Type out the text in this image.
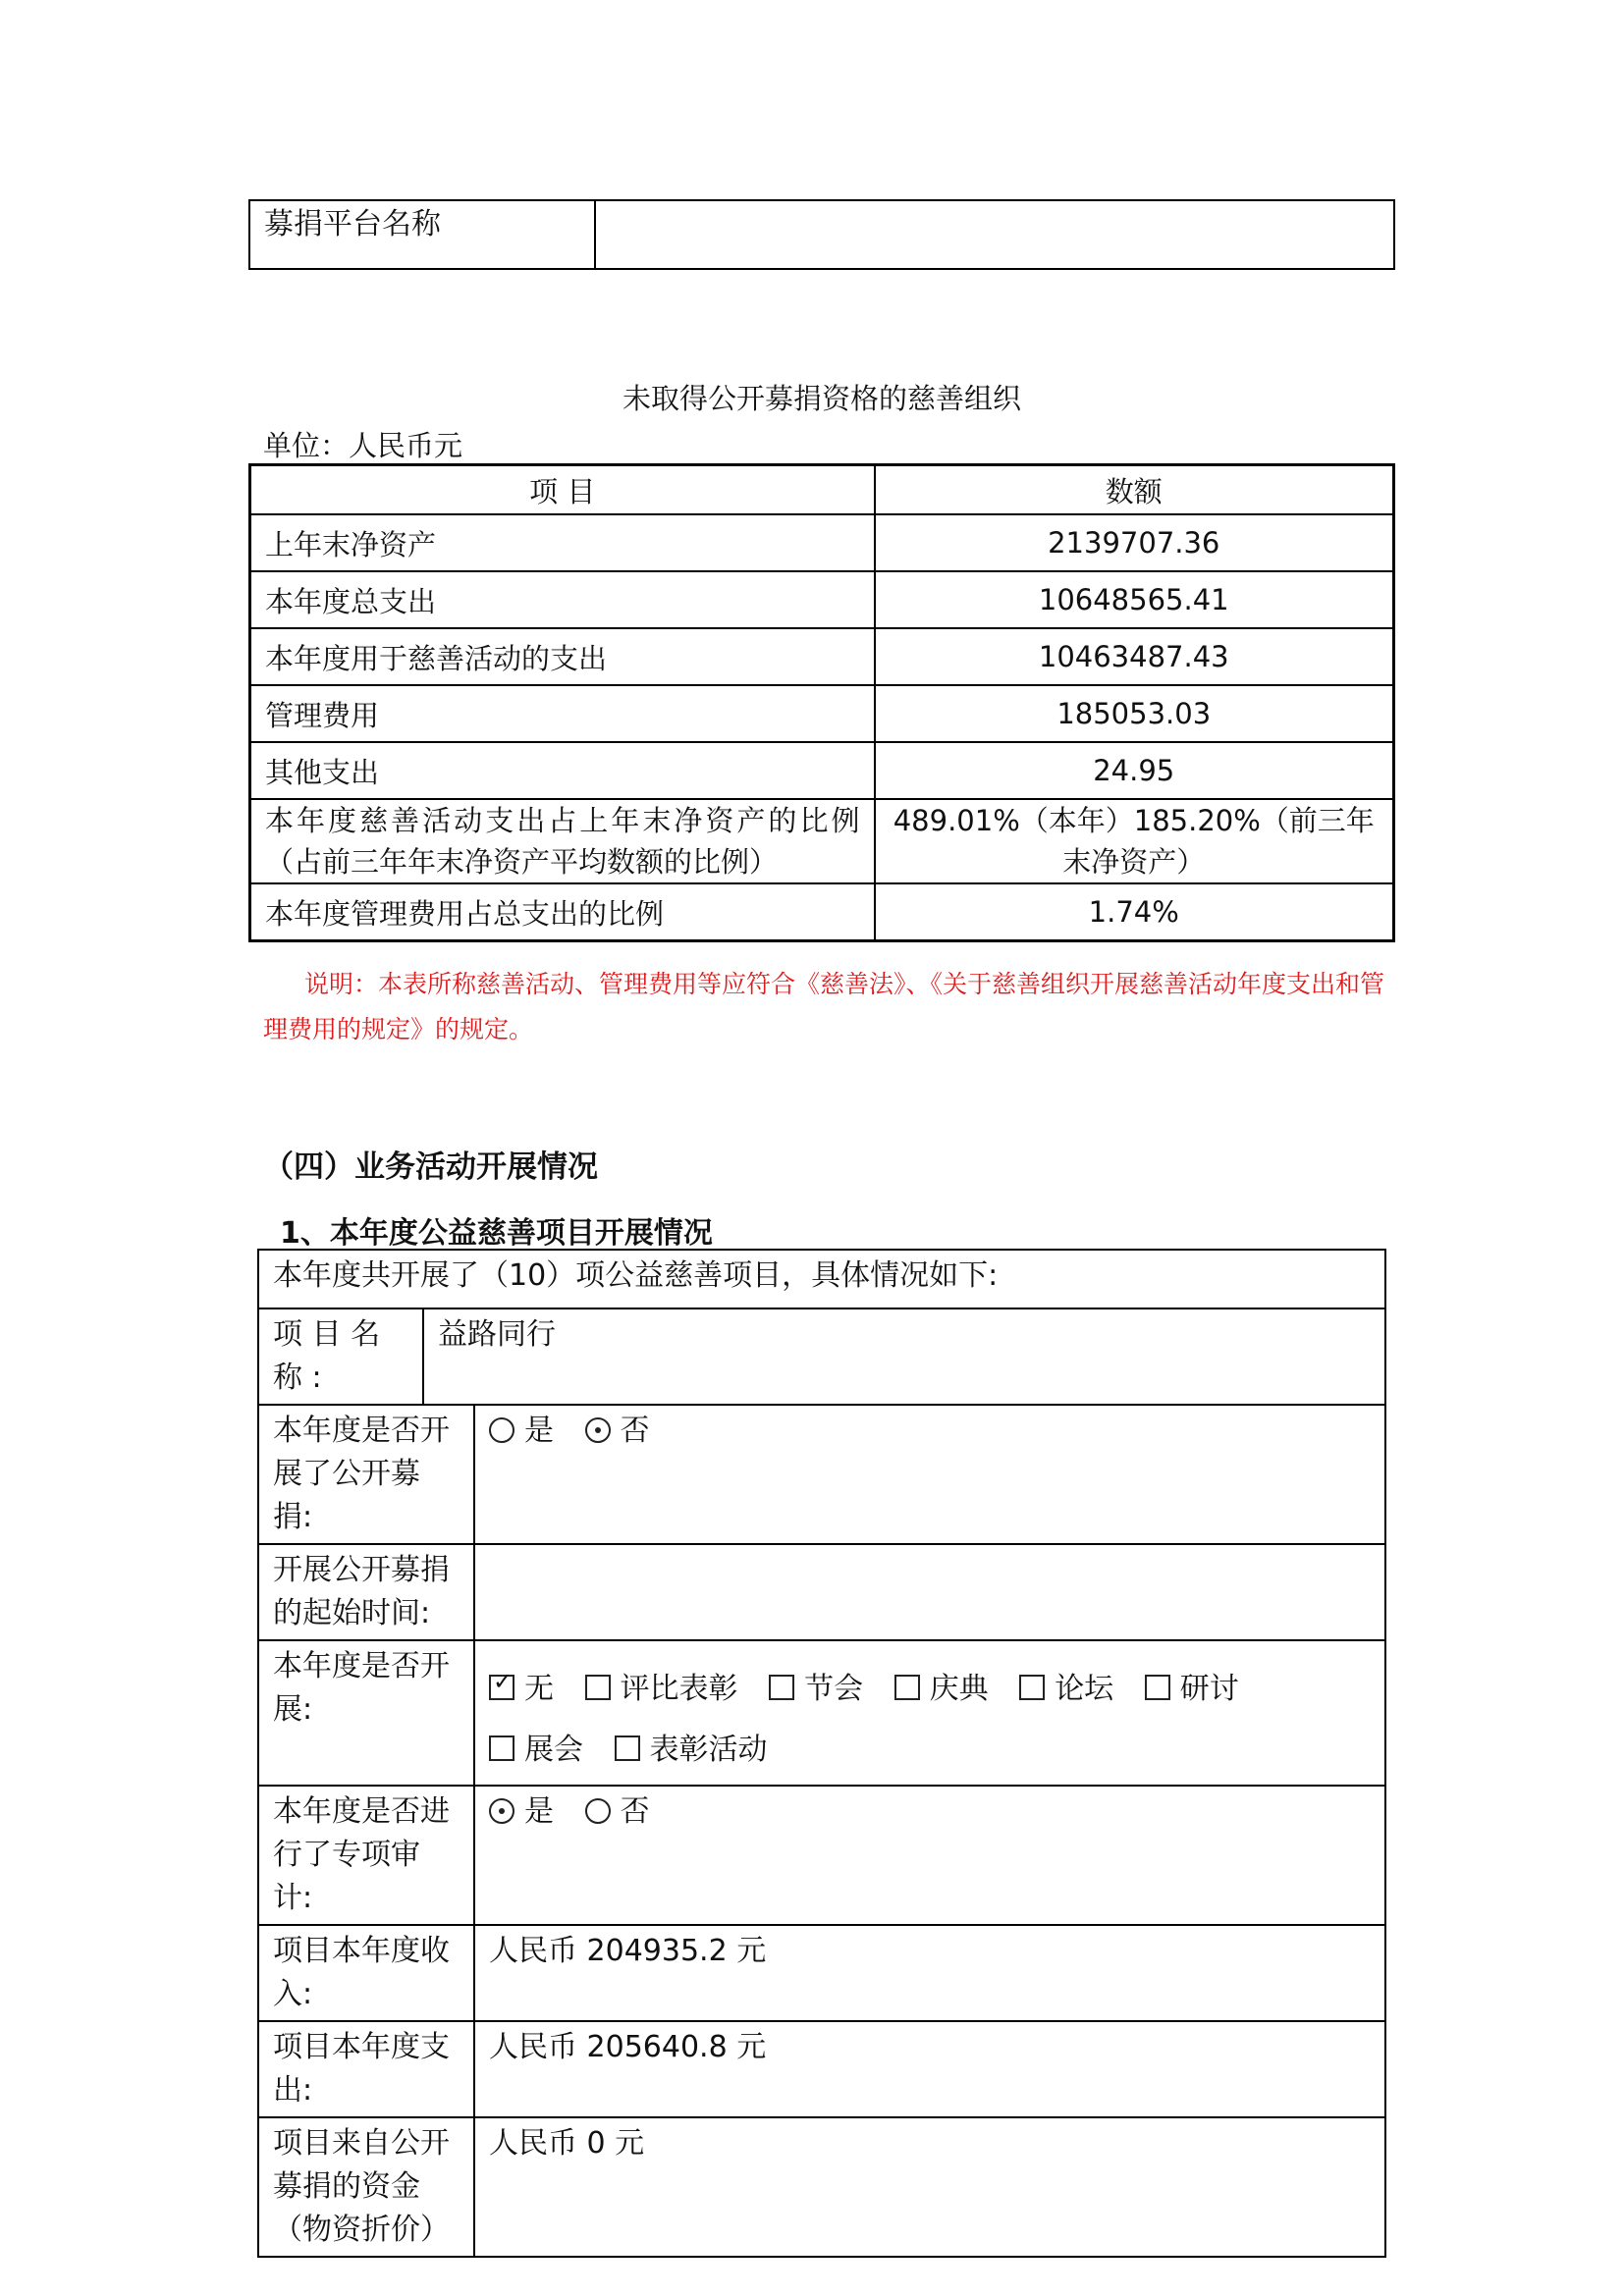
募捐平台名称	
未取得公开募捐资格的慈善组织
单位：人民币元
项 目	数额
上年末净资产	2139707.36
本年度总支出	10648565.41
本年度用于慈善活动的支出	10463487.43
管理费用	185053.03
其他支出	24.95
本年度慈善活动支出占上年末净资产的比例（占前三年年末净资产平均数额的比例）	489.01%（本年）185.20%（前三年末净资产）
本年度管理费用占总支出的比例	1.74%
说明：本表所称慈善活动、管理费用等应符合《慈善法》、《关于慈善组织开展慈善活动年度支出和管理费用的规定》的规定。
（四）业务活动开展情况
1、本年度公益慈善项目开展情况
本年度共开展了（10）项公益慈善项目，具体情况如下:		
项 目 名称 :	益路同行	
本年度是否开展了公开募捐:		是 否
开展公开募捐的起始时间:		
本年度是否开展:	✓无 评比表彰 节会 庆典 论坛 研讨
展会 表彰活动
本年度是否进行了专项审计:		是 否
项目本年度收入:		人民币 204935.2 元
项目本年度支出:		人民币 205640.8 元
项目来自公开募捐的资金（物资折价）		人民币 0 元
